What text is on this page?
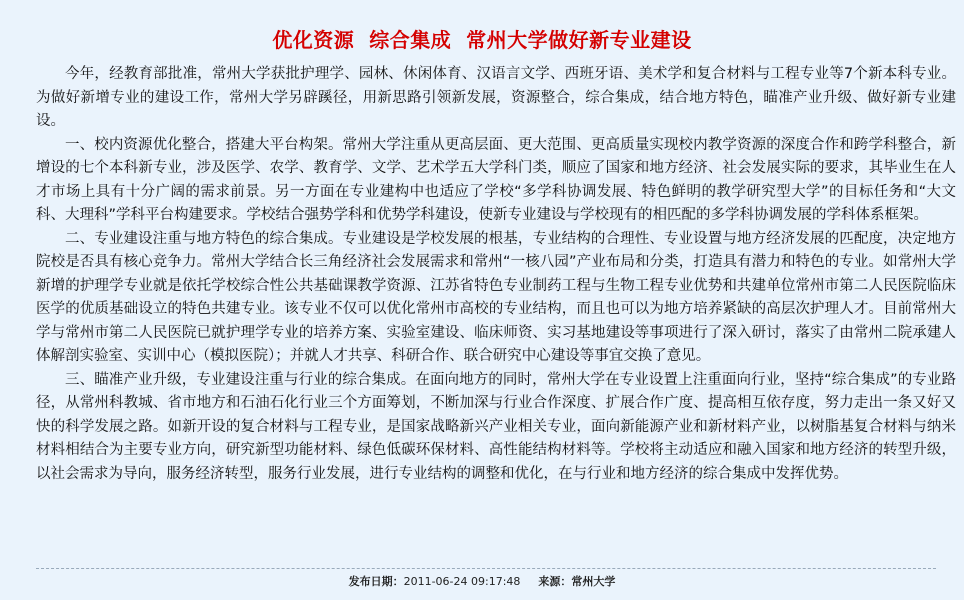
优化资源  综合集成  常州大学做好新专业建设

今年，经教育部批准，常州大学获批护理学、园林、休闲体育、汉语言文学、西班牙语、美术学和复合材料与工程专业等7个新本科专业。为做好新增专业的建设工作，常州大学另辟蹊径，用新思路引领新发展，资源整合，综合集成，结合地方特色，瞄准产业升级、做好新专业建设。

一、校内资源优化整合，搭建大平台构架。常州大学注重从更高层面、更大范围、更高质量实现校内教学资源的深度合作和跨学科整合，新增设的七个本科新专业，涉及医学、农学、教育学、文学、艺术学五大学科门类，顺应了国家和地方经济、社会发展实际的要求，其毕业生在人才市场上具有十分广阔的需求前景。另一方面在专业建构中也适应了学校“多学科协调发展、特色鲜明的教学研究型大学”的目标任务和“大文科、大理科”学科平台构建要求。学校结合强势学科和优势学科建设，使新专业建设与学校现有的相匹配的多学科协调发展的学科体系框架。

二、专业建设注重与地方特色的综合集成。专业建设是学校发展的根基，专业结构的合理性、专业设置与地方经济发展的匹配度，决定地方院校是否具有核心竞争力。常州大学结合长三角经济社会发展需求和常州“一核八园”产业布局和分类，打造具有潜力和特色的专业。如常州大学新增的护理学专业就是依托学校综合性公共基础课教学资源、江苏省特色专业制药工程与生物工程专业优势和共建单位常州市第二人民医院临床医学的优质基础设立的特色共建专业。该专业不仅可以优化常州市高校的专业结构，而且也可以为地方培养紧缺的高层次护理人才。目前常州大学与常州市第二人民医院已就护理学专业的培养方案、实验室建设、临床师资、实习基地建设等事项进行了深入研讨，落实了由常州二院承建人体解剖实验室、实训中心（模拟医院）；并就人才共享、科研合作、联合研究中心建设等事宜交换了意见。

三、瞄准产业升级，专业建设注重与行业的综合集成。在面向地方的同时，常州大学在专业设置上注重面向行业，坚持“综合集成”的专业路径，从常州科教城、省市地方和石油石化行业三个方面筹划，不断加深与行业合作深度、扩展合作广度、提高相互依存度，努力走出一条又好又快的科学发展之路。如新开设的复合材料与工程专业，是国家战略新兴产业相关专业，面向新能源产业和新材料产业，以树脂基复合材料与纳米材料相结合为主要专业方向，研究新型功能材料、绿色低碳环保材料、高性能结构材料等。学校将主动适应和融入国家和地方经济的转型升级，以社会需求为导向，服务经济转型，服务行业发展，进行专业结构的调整和优化，在与行业和地方经济的综合集成中发挥优势。

发布日期：2011-06-24 09:17:48 来源：常州大学
